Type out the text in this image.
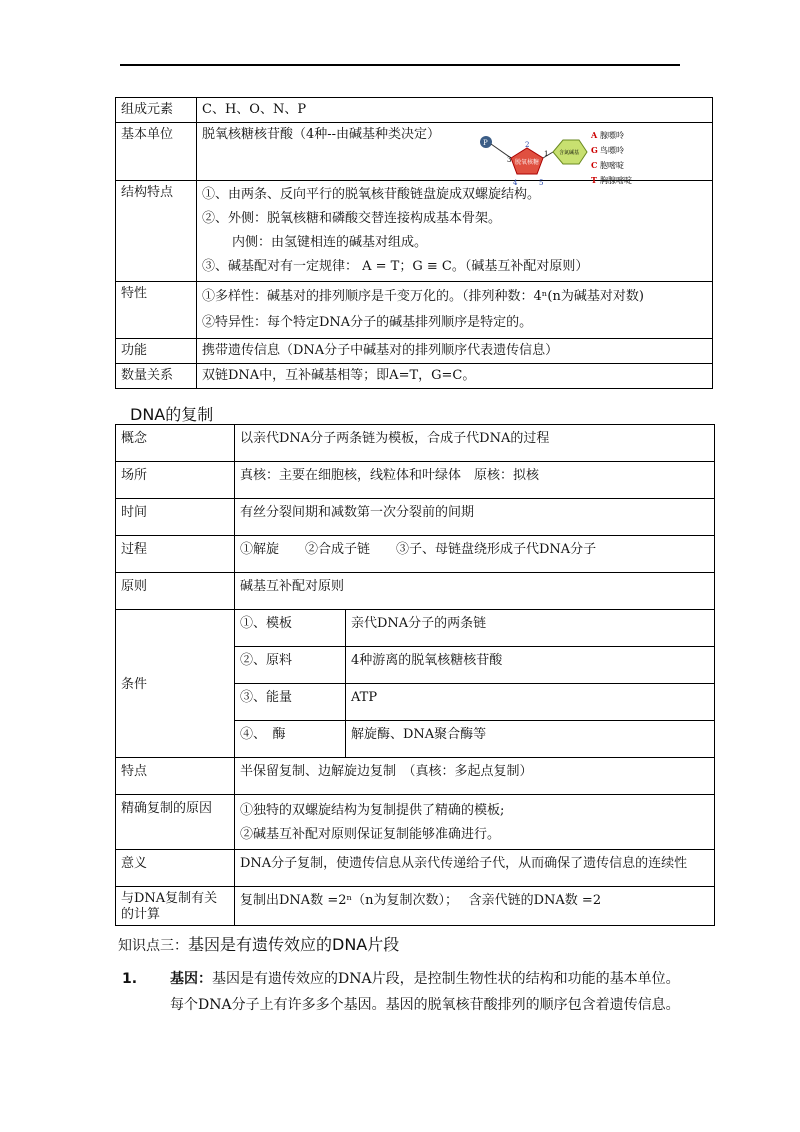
组成元素	C、H、O、N、P
基本单位	脱氧核糖核苷酸（4种--由碱基种类决定）
结构特点	①、由两条、反向平行的脱氧核苷酸链盘旋成双螺旋结构。
②、外侧：脱氧核糖和磷酸交替连接构成基本骨架。
内侧：由氢键相连的碱基对组成。
③、碱基配对有一定规律： A = T；G ≡ C。（碱基互补配对原则）

特性	①多样性：碱基对的排列顺序是千变万化的。（排列种数：4ⁿ(n为碱基对对数)
②特异性：每个特定DNA分子的碱基排列顺序是特定的。

功能	携带遗传信息（DNA分子中碱基对的排列顺序代表遗传信息）
数量关系	双链DNA中，互补碱基相等；即A=T，G=C。
P
脱氧核糖
含氮碱基
3
2
1
4	5
A 腺嘌呤
G 鸟嘌呤
C 胞嘧啶
T 胸腺嘧啶
DNA的复制
概念	以亲代DNA分子两条链为模板，合成子代DNA的过程	
场所	真核：主要在细胞核，线粒体和叶绿体　原核：拟核	
时间	有丝分裂间期和减数第一次分裂前的间期	
过程	①解旋　　②合成子链　　③子、母链盘绕形成子代DNA分子	
原则	碱基互补配对原则	
条件	①、模板	亲代DNA分子的两条链
	②、原料	4种游离的脱氧核糖核苷酸
	③、能量	ATP
	④、　酶	解旋酶、DNA聚合酶等
特点	半保留复制、边解旋边复制　（真核：多起点复制）	
精确复制的原因	①独特的双螺旋结构为复制提供了精确的模板;
②碱基互补配对原则保证复制能够准确进行。	

意义	DNA分子复制，使遗传信息从亲代传递给子代，从而确保了遗传信息的连续性	
与DNA复制有关的计算	复制出DNA数 =2ⁿ（n为复制次数）；　 含亲代链的DNA数 =2	
知识点三：基因是有遗传效应的DNA片段
1. 基因：基因是有遗传效应的DNA片段，是控制生物性状的结构和功能的基本单位。
每个DNA分子上有许多多个基因。基因的脱氧核苷酸排列的顺序包含着遗传信息。
